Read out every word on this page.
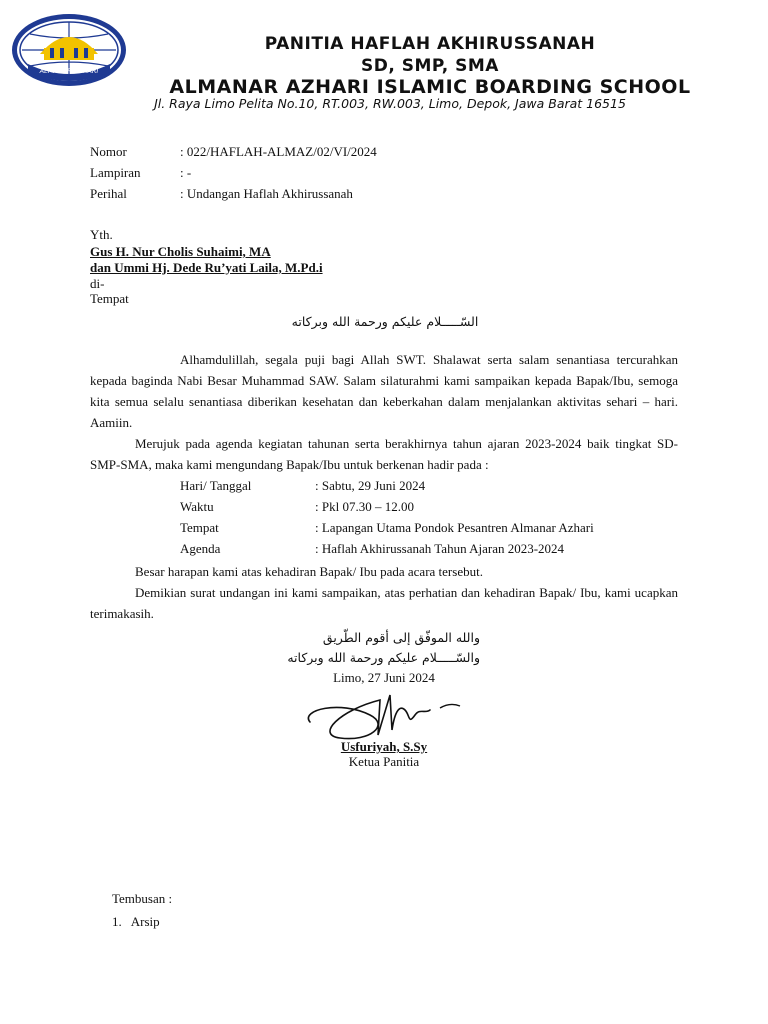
ALMANAR AZHARI
PANITIA HAFLAH AKHIRUSSANAH
SD, SMP, SMA
ALMANAR AZHARI ISLAMIC BOARDING SCHOOL
Jl. Raya Limo Pelita No.10, RT.003, RW.003, Limo, Depok, Jawa Barat 16515
Nomor	: 022/HAFLAH-ALMAZ/02/VI/2024
Lampiran	: -
Perihal	: Undangan Haflah Akhirussanah
Yth.
Gus H. Nur Cholis Suhaimi, MA
dan Ummi Hj. Dede Ru’yati Laila, M.Pd.i
di-
Tempat
السّـــــلام عليكم ورحمة الله وبركاته
Alhamdulillah, segala puji bagi Allah SWT. Shalawat serta salam senantiasa tercurahkan kepada baginda Nabi Besar Muhammad SAW. Salam silaturahmi kami sampaikan kepada Bapak/Ibu, semoga kita semua selalu senantiasa diberikan kesehatan dan keberkahan dalam menjalankan aktivitas sehari – hari. Aamiin.
Merujuk pada agenda kegiatan tahunan serta berakhirnya tahun ajaran 2023-2024 baik tingkat SD-SMP-SMA, maka kami mengundang Bapak/Ibu untuk berkenan hadir pada :
Hari/ Tanggal	: Sabtu, 29 Juni 2024
Waktu	: Pkl 07.30 – 12.00
Tempat	: Lapangan Utama Pondok Pesantren Almanar Azhari
Agenda	: Haflah Akhirussanah Tahun Ajaran 2023-2024
Besar harapan kami atas kehadiran Bapak/ Ibu pada acara tersebut.
Demikian surat undangan ini kami sampaikan, atas perhatian dan kehadiran Bapak/ Ibu, kami ucapkan terimakasih.
والله الموفّق إلى أقوم الطّريق
والسّـــــلام عليكم ورحمة الله وبركاته
Limo, 27 Juni 2024
Usfuriyah, S.Sy
Ketua Panitia
Tembusan :
1.   Arsip
